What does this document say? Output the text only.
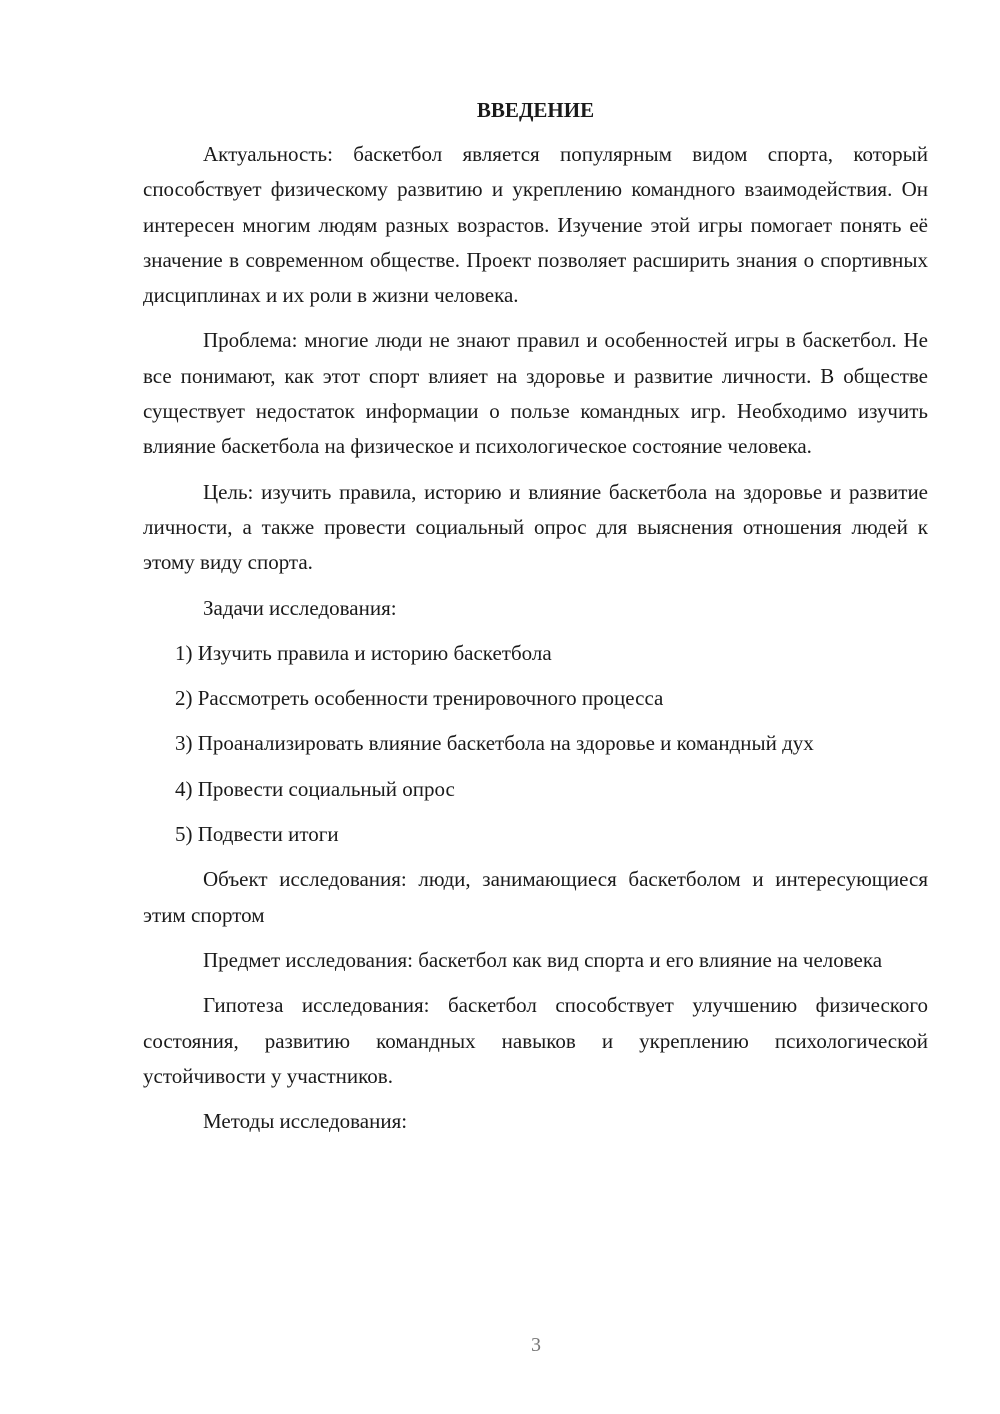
ВВЕДЕНИЕ

Актуальность: баскетбол является популярным видом спорта, который способствует физическому развитию и укреплению командного взаимодействия. Он интересен многим людям разных возрастов. Изучение этой игры помогает понять её значение в современном обществе. Проект позволяет расширить знания о спортивных дисциплинах и их роли в жизни человека.

Проблема: многие люди не знают правил и особенностей игры в баскетбол. Не все понимают, как этот спорт влияет на здоровье и развитие личности. В обществе существует недостаток информации о пользе командных игр. Необходимо изучить влияние баскетбола на физическое и психологическое состояние человека.

Цель: изучить правила, историю и влияние баскетбола на здоровье и развитие личности, а также провести социальный опрос для выяснения отношения людей к этому виду спорта.

Задачи исследования:

1) Изучить правила и историю баскетбола

2) Рассмотреть особенности тренировочного процесса

3) Проанализировать влияние баскетбола на здоровье и командный дух

4) Провести социальный опрос

5) Подвести итоги

Объект исследования: люди, занимающиеся баскетболом и интересующиеся этим спортом

Предмет исследования: баскетбол как вид спорта и его влияние на человека

Гипотеза исследования: баскетбол способствует улучшению физического состояния, развитию командных навыков и укреплению психологической устойчивости у участников.

Методы исследования:

3
